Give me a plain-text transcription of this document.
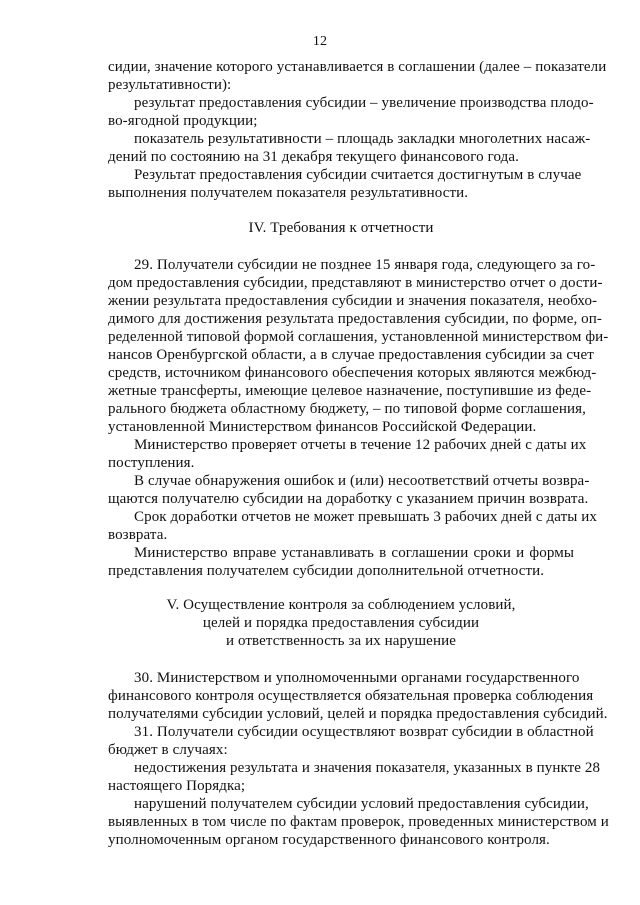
12
сидии, значение которого устанавливается в соглашении (далее – показатели
результативности):
результат предоставления субсидии – увеличение производства плодо-
во-ягодной продукции;
показатель результативности – площадь закладки многолетних насаж-
дений по состоянию на 31 декабря текущего финансового года.
Результат предоставления субсидии считается достигнутым в случае
выполнения получателем показателя результативности.
IV. Требования к отчетности
29. Получатели субсидии не позднее 15 января года, следующего за го-
дом предоставления субсидии, представляют в министерство отчет о дости-
жении результата предоставления субсидии и значения показателя, необхо-
димого для достижения результата предоставления субсидии, по форме, оп-
ределенной типовой формой соглашения, установленной министерством фи-
нансов Оренбургской области, а в случае предоставления субсидии за счет
средств, источником финансового обеспечения которых являются межбюд-
жетные трансферты, имеющие целевое назначение, поступившие из феде-
рального бюджета областному бюджету, – по типовой форме соглашения,
установленной Министерством финансов Российской Федерации.
Министерство проверяет отчеты в течение 12 рабочих дней с даты их
поступления.
В случае обнаружения ошибок и (или) несоответствий отчеты возвра-
щаются получателю субсидии на доработку с указанием причин возврата.
Срок доработки отчетов не может превышать 3 рабочих дней с даты их
возврата.
Министерство вправе устанавливать в соглашении сроки и формы
представления получателем субсидии дополнительной отчетности.
V. Осуществление контроля за соблюдением условий,
целей и порядка предоставления субсидии
и ответственность за их нарушение
30. Министерством и уполномоченными органами государственного
финансового контроля осуществляется обязательная проверка соблюдения
получателями субсидии условий, целей и порядка предоставления субсидий.
31. Получатели субсидии осуществляют возврат субсидии в областной
бюджет в случаях:
недостижения результата и значения показателя, указанных в пункте 28
настоящего Порядка;
нарушений получателем субсидии условий предоставления субсидии,
выявленных в том числе по фактам проверок, проведенных министерством и
уполномоченным органом государственного финансового контроля.
